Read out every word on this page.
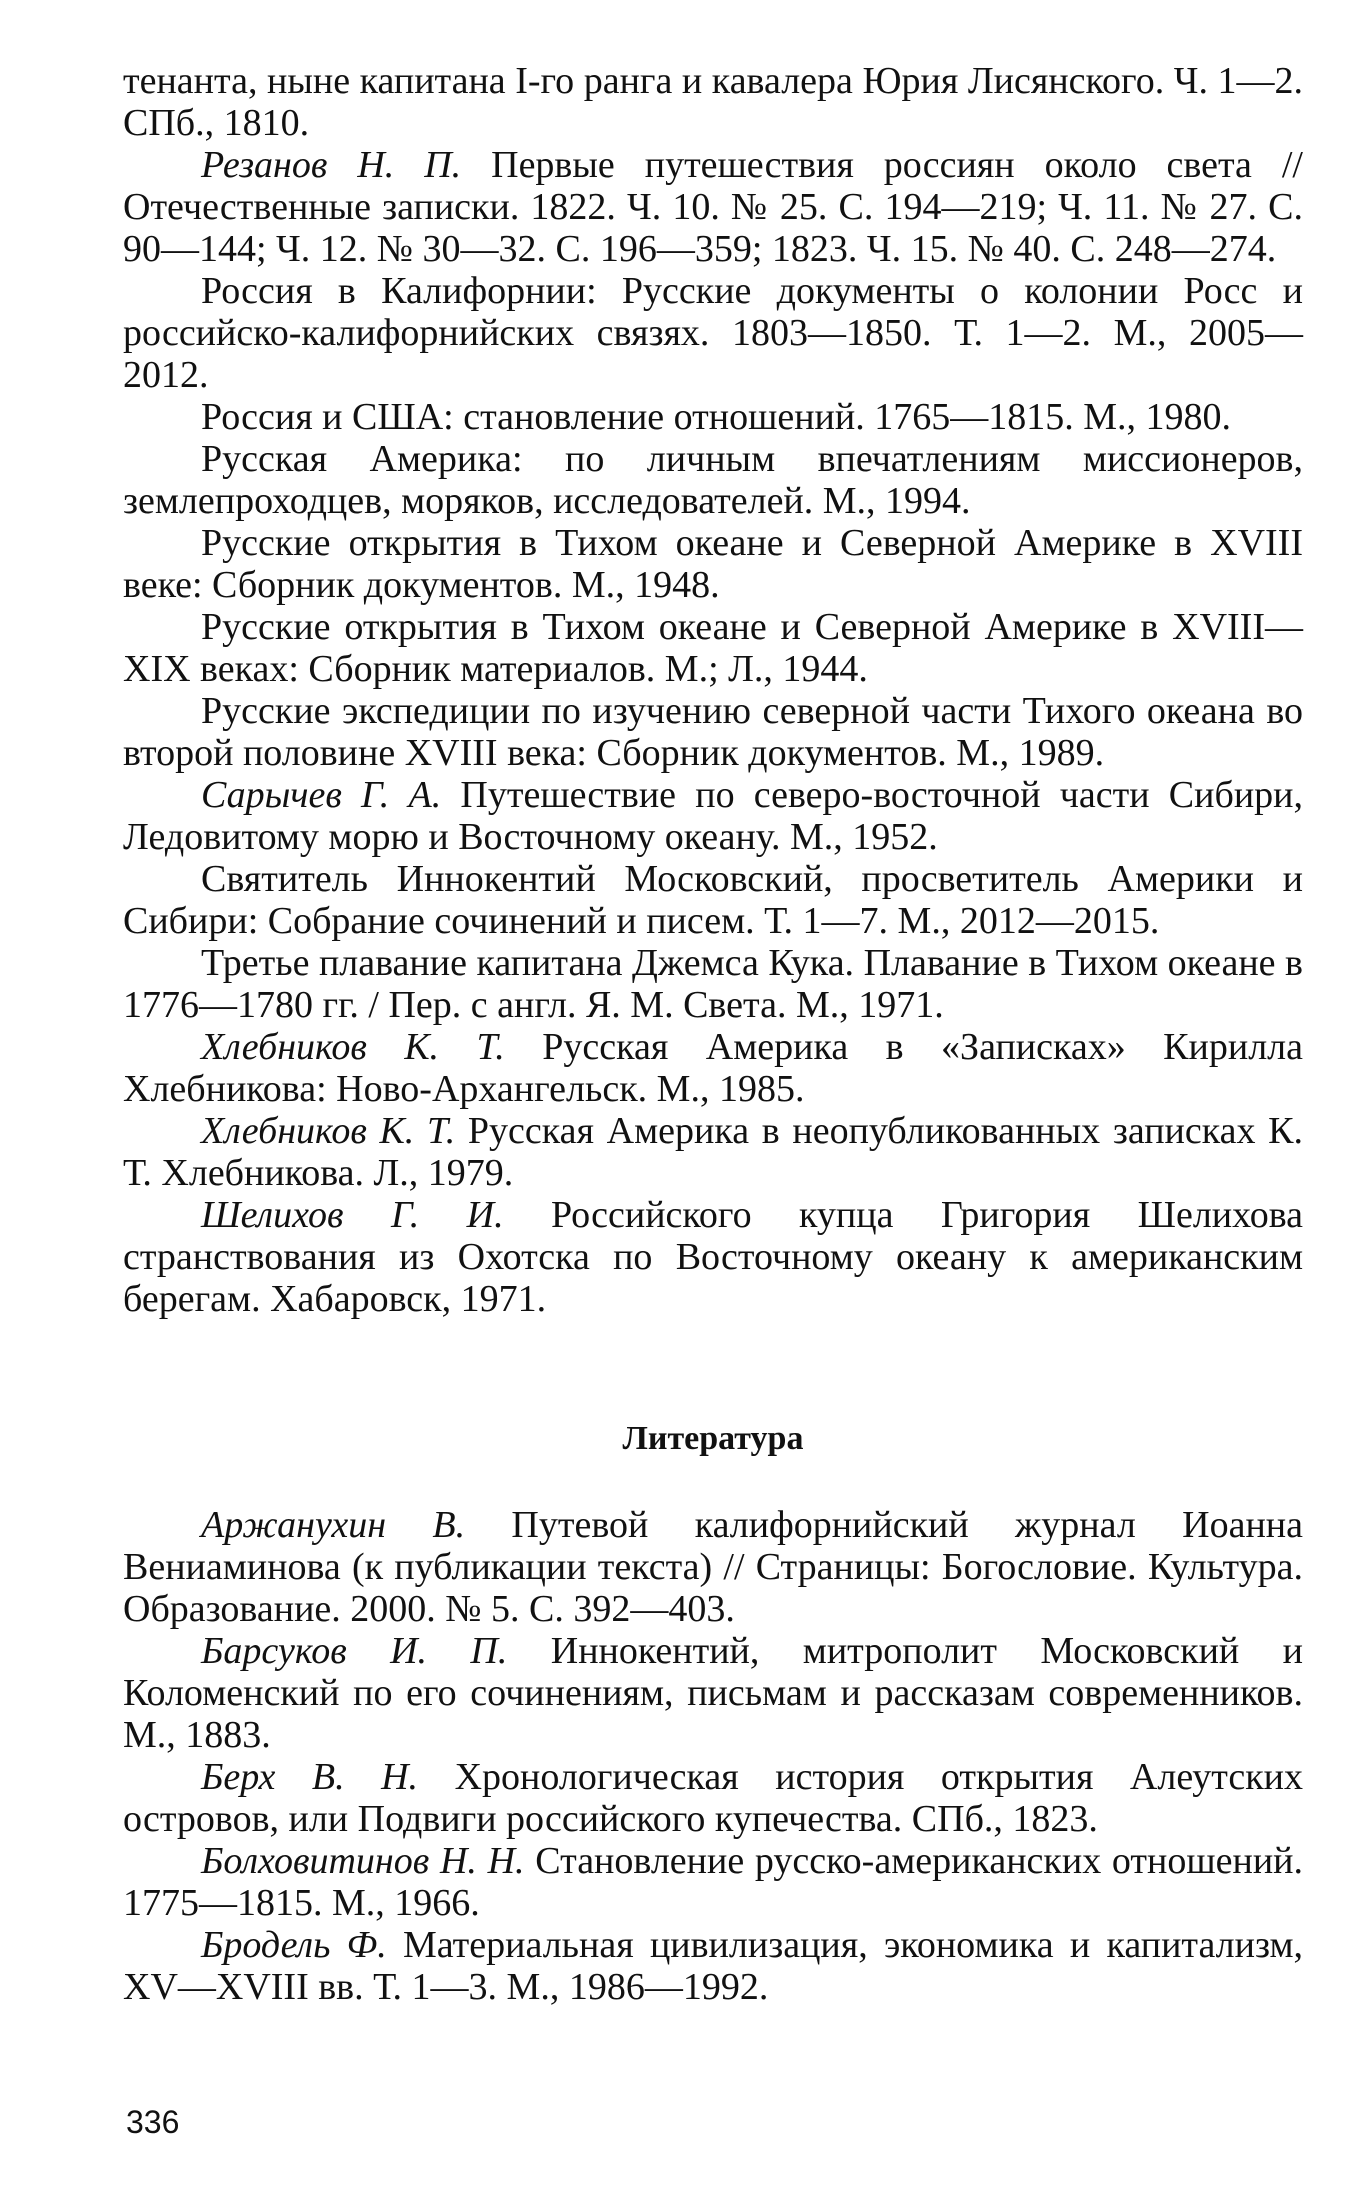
тенанта, ныне капитана I-го ранга и кавалера Юрия Лисянского. Ч. 1—2. СПб., 1810.

Резанов Н. П. Первые путешествия россиян около света // Отечественные записки. 1822. Ч. 10. № 25. С. 194—219; Ч. 11. № 27. С. 90—144; Ч. 12. № 30—32. С. 196—359; 1823. Ч. 15. № 40. С. 248—274.

Россия в Калифорнии: Русские документы о колонии Росс и российско-калифорнийских связях. 1803—1850. Т. 1—2. М., 2005—2012.

Россия и США: становление отношений. 1765—1815. М., 1980.

Русская Америка: по личным впечатлениям миссионеров, землепроходцев, моряков, исследователей. М., 1994.

Русские открытия в Тихом океане и Северной Америке в XVIII веке: Сборник документов. М., 1948.

Русские открытия в Тихом океане и Северной Америке в XVIII—XIX веках: Сборник материалов. М.; Л., 1944.

Русские экспедиции по изучению северной части Тихого океана во второй половине XVIII века: Сборник документов. М., 1989.

Сарычев Г. А. Путешествие по северо-восточной части Сибири, Ледовитому морю и Восточному океану. М., 1952.

Святитель Иннокентий Московский, просветитель Америки и Сибири: Собрание сочинений и писем. Т. 1—7. М., 2012—2015.

Третье плавание капитана Джемса Кука. Плавание в Тихом океане в 1776—1780 гг. / Пер. с англ. Я. М. Света. М., 1971.

Хлебников К. Т. Русская Америка в «Записках» Кирилла Хлебникова: Ново-Архангельск. М., 1985.

Хлебников К. Т. Русская Америка в неопубликованных записках К. Т. Хлебникова. Л., 1979.

Шелихов Г. И. Российского купца Григория Шелихова странствования из Охотска по Восточному океану к американским берегам. Хабаровск, 1971.

Литература

Аржанухин В. Путевой калифорнийский журнал Иоанна Вениаминова (к публикации текста) // Страницы: Богословие. Культура. Образование. 2000. № 5. С. 392—403.

Барсуков И. П. Иннокентий, митрополит Московский и Коломенский по его сочинениям, письмам и рассказам современников. М., 1883.

Берх В. Н. Хронологическая история открытия Алеутских островов, или Подвиги российского купечества. СПб., 1823.

Болховитинов Н. Н. Становление русско-американских отношений. 1775—1815. М., 1966.

Бродель Ф. Материальная цивилизация, экономика и капитализм, XV—XVIII вв. Т. 1—3. М., 1986—1992.

336
